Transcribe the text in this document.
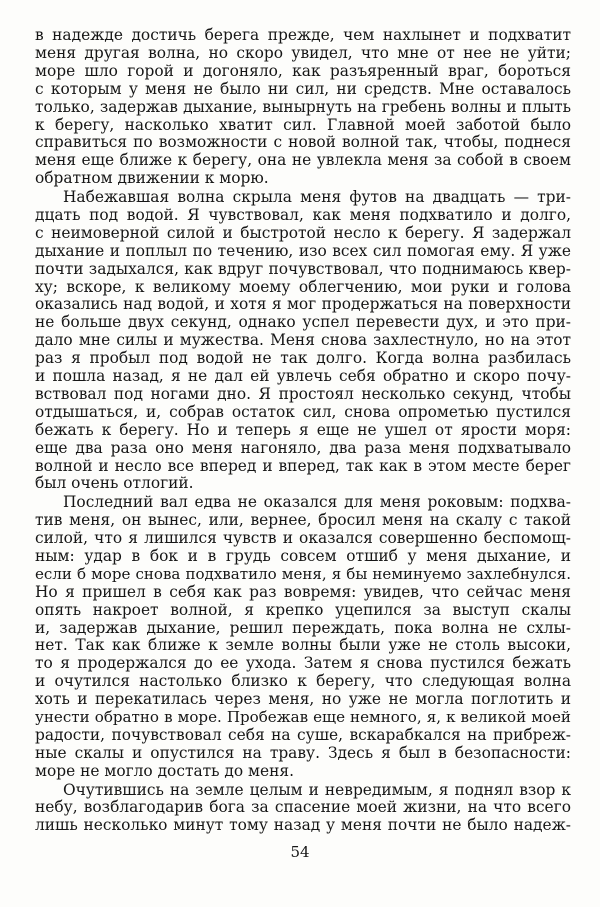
в надежде достичь берега прежде, чем нахлынет и подхватит
меня другая волна, но скоро увидел, что мне от нее не уйти;
море шло горой и догоняло, как разъяренный враг, бороться
с которым у меня не было ни сил, ни средств. Мне оставалось
только, задержав дыхание, вынырнуть на гребень волны и плыть
к берегу, насколько хватит сил. Главной моей заботой было
справиться по возможности с новой волной так, чтобы, поднеся
меня еще ближе к берегу, она не увлекла меня за собой в своем
обратном движении к морю.
Набежавшая волна скрыла меня футов на двадцать — три-
дцать под водой. Я чувствовал, как меня подхватило и долго,
с неимоверной силой и быстротой несло к берегу. Я задержал
дыхание и поплыл по течению, изо всех сил помогая ему. Я уже
почти задыхался, как вдруг почувствовал, что поднимаюсь квер-
ху; вскоре, к великому моему облегчению, мои руки и голова
оказались над водой, и хотя я мог продержаться на поверхности
не больше двух секунд, однако успел перевести дух, и это при-
дало мне силы и мужества. Меня снова захлестнуло, но на этот
раз я пробыл под водой не так долго. Когда волна разбилась
и пошла назад, я не дал ей увлечь себя обратно и скоро почу-
вствовал под ногами дно. Я простоял несколько секунд, чтобы
отдышаться, и, собрав остаток сил, снова опрометью пустился
бежать к берегу. Но и теперь я еще не ушел от ярости моря:
еще два раза оно меня нагоняло, два раза меня подхватывало
волной и несло все вперед и вперед, так как в этом месте берег
был очень отлогий.
Последний вал едва не оказался для меня роковым: подхва-
тив меня, он вынес, или, вернее, бросил меня на скалу с такой
силой, что я лишился чувств и оказался совершенно беспомощ-
ным: удар в бок и в грудь совсем отшиб у меня дыхание, и
если б море снова подхватило меня, я бы неминуемо захлебнулся.
Но я пришел в себя как раз вовремя: увидев, что сейчас меня
опять накроет волной, я крепко уцепился за выступ скалы
и, задержав дыхание, решил переждать, пока волна не схлы-
нет. Так как ближе к земле волны были уже не столь высоки,
то я продержался до ее ухода. Затем я снова пустился бежать
и очутился настолько близко к берегу, что следующая волна
хоть и перекатилась через меня, но уже не могла поглотить и
унести обратно в море. Пробежав еще немного, я, к великой моей
радости, почувствовал себя на суше, вскарабкался на прибреж-
ные скалы и опустился на траву. Здесь я был в безопасности:
море не могло достать до меня.
Очутившись на земле целым и невредимым, я поднял взор к
небу, возблагодарив бога за спасение моей жизни, на что всего
лишь несколько минут тому назад у меня почти не было надеж-
54
